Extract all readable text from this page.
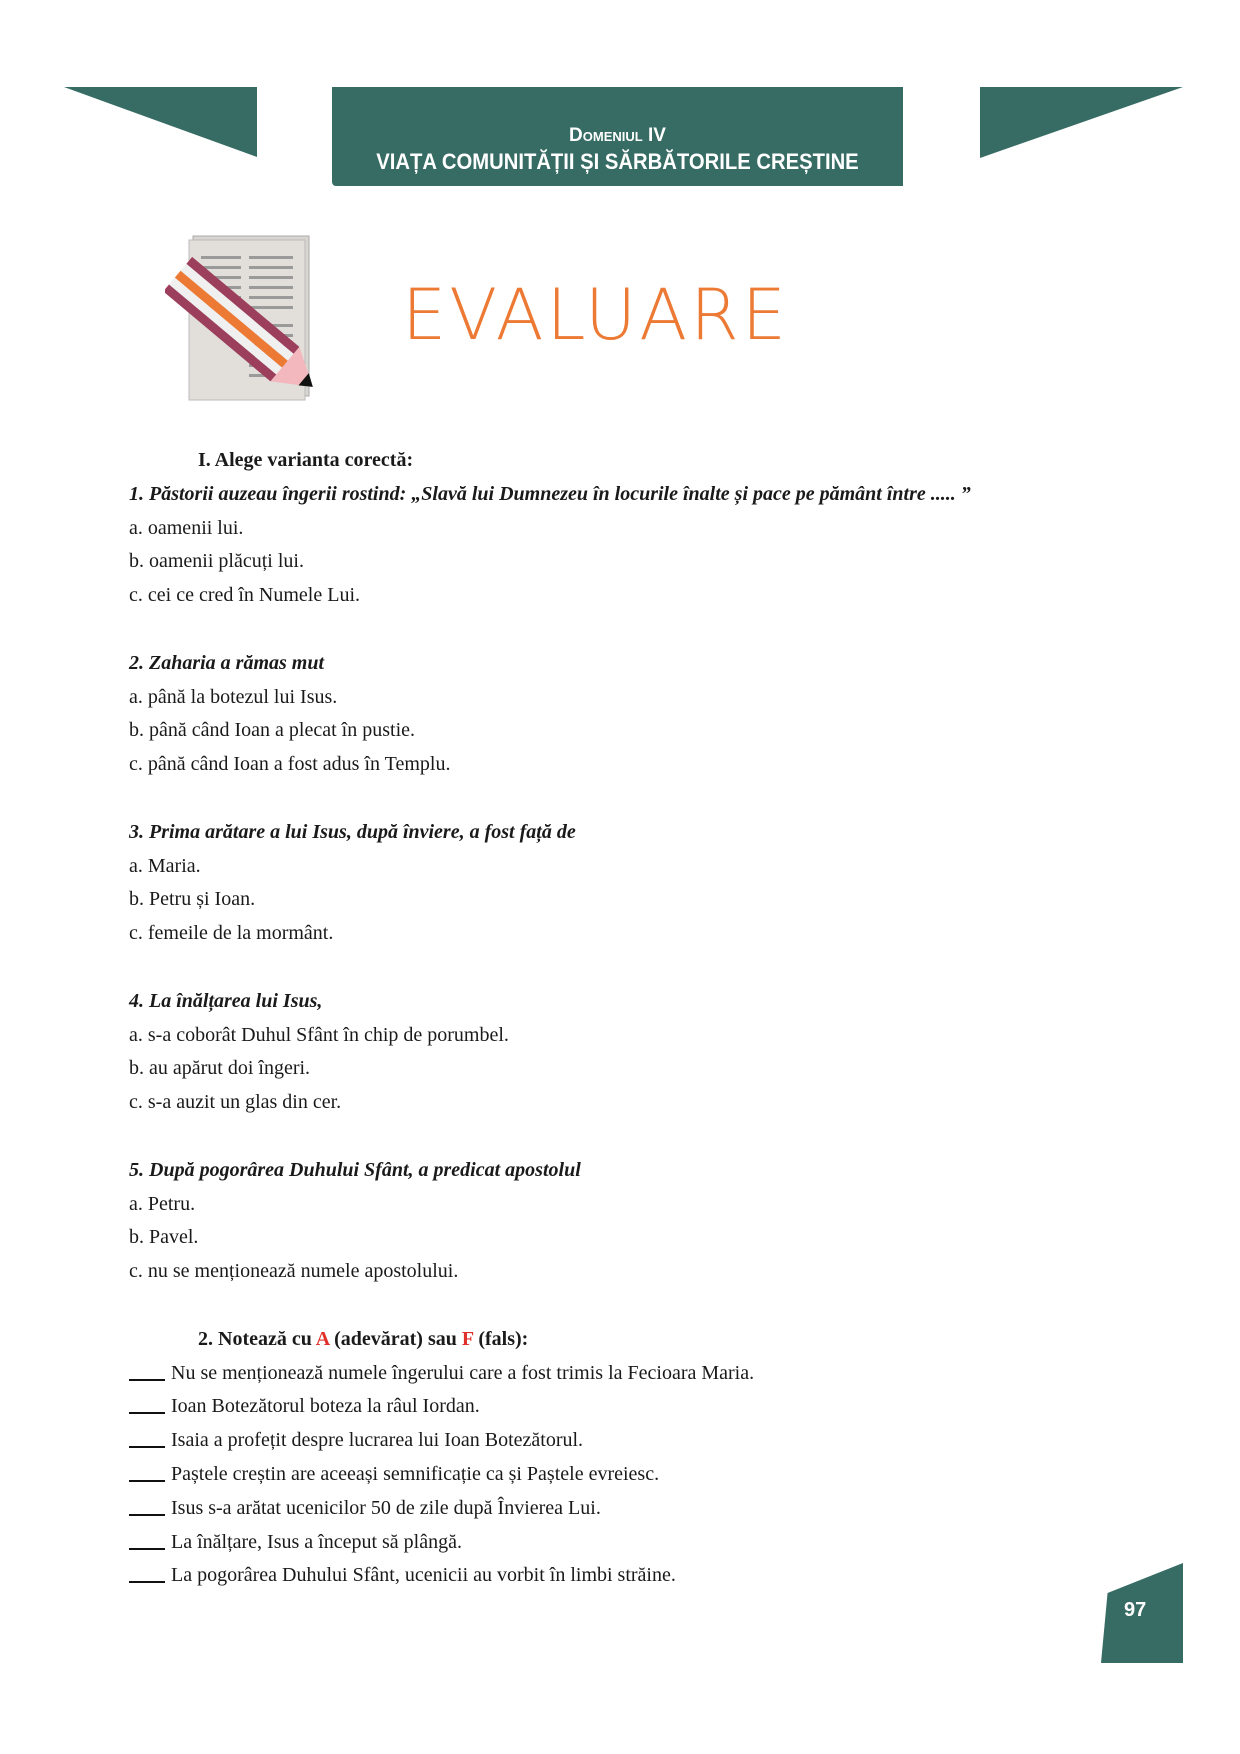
Domeniul IV
VIAȚA COMUNITĂȚII ȘI SĂRBĂTORILE CREȘTINE
EVALUARE
I. Alege varianta corectă:
1. Păstorii auzeau îngerii rostind: „Slavă lui Dumnezeu în locurile înalte și pace pe pământ între ..... ”
a. oamenii lui.
b. oamenii plăcuți lui.
c. cei ce cred în Numele Lui.
2. Zaharia a rămas mut
a. până la botezul lui Isus.
b. până când Ioan a plecat în pustie.
c. până când Ioan a fost adus în Templu.
3. Prima arătare a lui Isus, după înviere, a fost față de
a. Maria.
b. Petru și Ioan.
c. femeile de la mormânt.
4. La înălțarea lui Isus,
a. s-a coborât Duhul Sfânt în chip de porumbel.
b. au apărut doi îngeri.
c. s-a auzit un glas din cer.
5. După pogorârea Duhului Sfânt, a predicat apostolul
a. Petru.
b. Pavel.
c. nu se menționează numele apostolului.
2. Notează cu A (adevărat) sau F (fals):
Nu se menționează numele îngerului care a fost trimis la Fecioara Maria.
Ioan Botezătorul boteza la râul Iordan.
Isaia a profețit despre lucrarea lui Ioan Botezătorul.
Paștele creștin are aceeași semnificație ca și Paștele evreiesc.
Isus s-a arătat ucenicilor 50 de zile după Învierea Lui.
La înălțare, Isus a început să plângă.
La pogorârea Duhului Sfânt, ucenicii au vorbit în limbi străine.
97
